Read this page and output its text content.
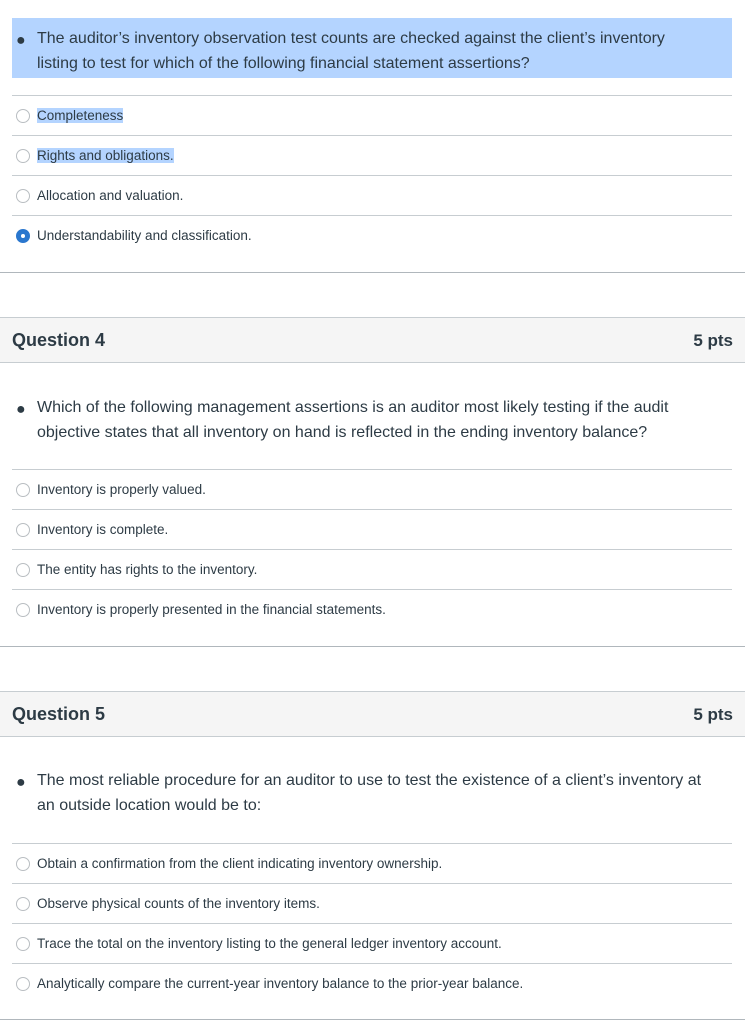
● The auditor’s inventory observation test counts are checked against the client’s inventory listing to test for which of the following financial statement assertions?
Completeness
Rights and obligations.
Allocation and valuation.
Understandability and classification.
Question 4	5 pts
● Which of the following management assertions is an auditor most likely testing if the audit objective states that all inventory on hand is reflected in the ending inventory balance?
Inventory is properly valued.
Inventory is complete.
The entity has rights to the inventory.
Inventory is properly presented in the financial statements.
Question 5	5 pts
● The most reliable procedure for an auditor to use to test the existence of a client’s inventory at an outside location would be to:
Obtain a confirmation from the client indicating inventory ownership.
Observe physical counts of the inventory items.
Trace the total on the inventory listing to the general ledger inventory account.
Analytically compare the current-year inventory balance to the prior-year balance.
